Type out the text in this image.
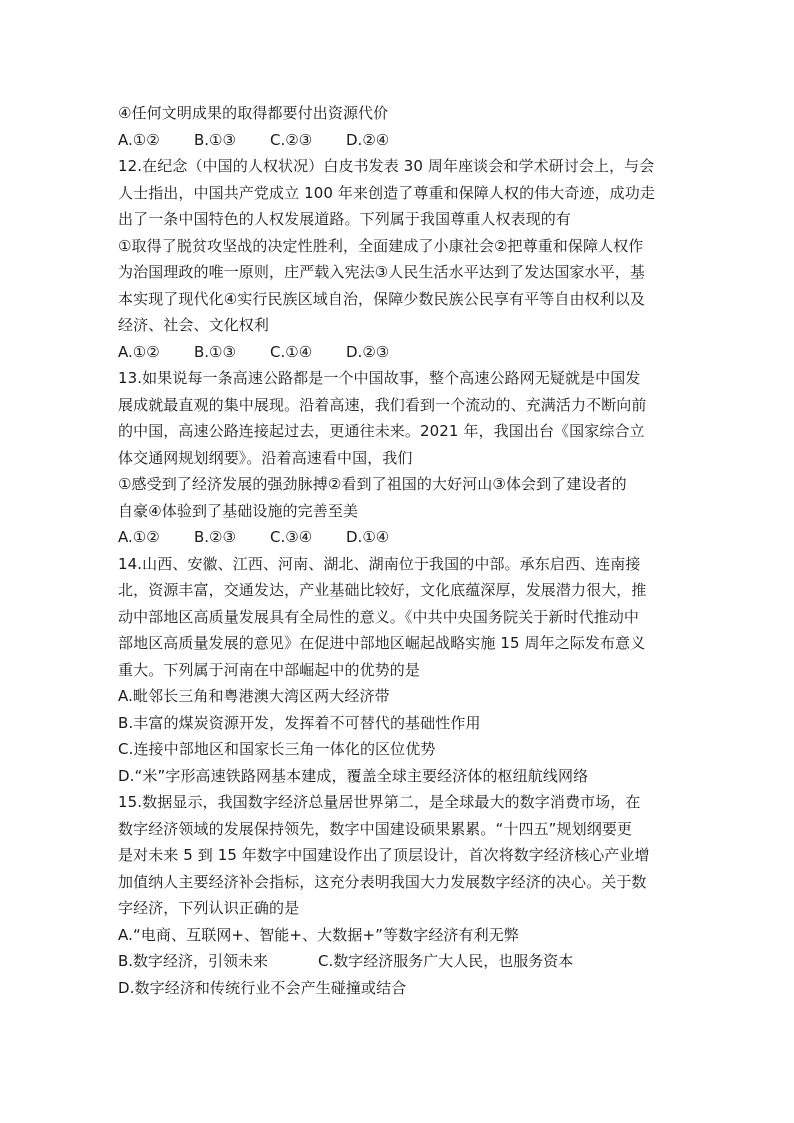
④任何文明成果的取得都要付出资源代价
A.①②	B.①③	C.②③	D.②④
12.在纪念（中国的人权状况）白皮书发表 30 周年座谈会和学术研讨会上，与会
人士指出，中国共产党成立 100 年来创造了尊重和保障人权的伟大奇迹，成功走
出了一条中国特色的人权发展道路。下列属于我国尊重人权表现的有
①取得了脱贫攻坚战的决定性胜利，全面建成了小康社会②把尊重和保障人权作
为治国理政的唯一原则，庄严载入宪法③人民生活水平达到了发达国家水平，基
本实现了现代化④实行民族区域自治，保障少数民族公民享有平等自由权利以及
经济、社会、文化权利
A.①②	B.①③	C.①④	D.②③
13.如果说每一条高速公路都是一个中国故事，整个高速公路网无疑就是中国发
展成就最直观的集中展现。沿着高速，我们看到一个流动的、充满活力不断向前
的中国，高速公路连接起过去，更通往未来。2021 年，我国出台《国家综合立
体交通网规划纲要》。沿着高速看中国，我们
①感受到了经济发展的强劲脉搏②看到了祖国的大好河山③体会到了建设者的
自豪④体验到了基础设施的完善至美
A.①②	B.②③	C.③④	D.①④
14.山西、安徽、江西、河南、湖北、湖南位于我国的中部。承东启西、连南接
北，资源丰富，交通发达，产业基础比较好，文化底蕴深厚，发展潜力很大，推
动中部地区高质量发展具有全局性的意义。《中共中央国务院关于新时代推动中
部地区高质量发展的意见》在促进中部地区崛起战略实施 15 周年之际发布意义
重大。下列属于河南在中部崛起中的优势的是
A.毗邻长三角和粤港澳大湾区两大经济带
B.丰富的煤炭资源开发，发挥着不可替代的基础性作用
C.连接中部地区和国家长三角一体化的区位优势
D.“米”字形高速铁路网基本建成，覆盖全球主要经济体的枢纽航线网络
15.数据显示，我国数字经济总量居世界第二，是全球最大的数字消费市场，在
数字经济领域的发展保持领先，数字中国建设硕果累累。“十四五”规划纲要更
是对未来 5 到 15 年数字中国建设作出了顶层设计，首次将数字经济核心产业增
加值纳人主要经济补会指标，这充分表明我国大力发展数字经济的决心。关于数
字经济，下列认识正确的是
A.“电商、互联网+、智能+、大数据+”等数字经济有利无弊
B.数字经济，引领未来	C.数字经济服务广大人民，也服务资本
D.数字经济和传统行业不会产生碰撞或结合
